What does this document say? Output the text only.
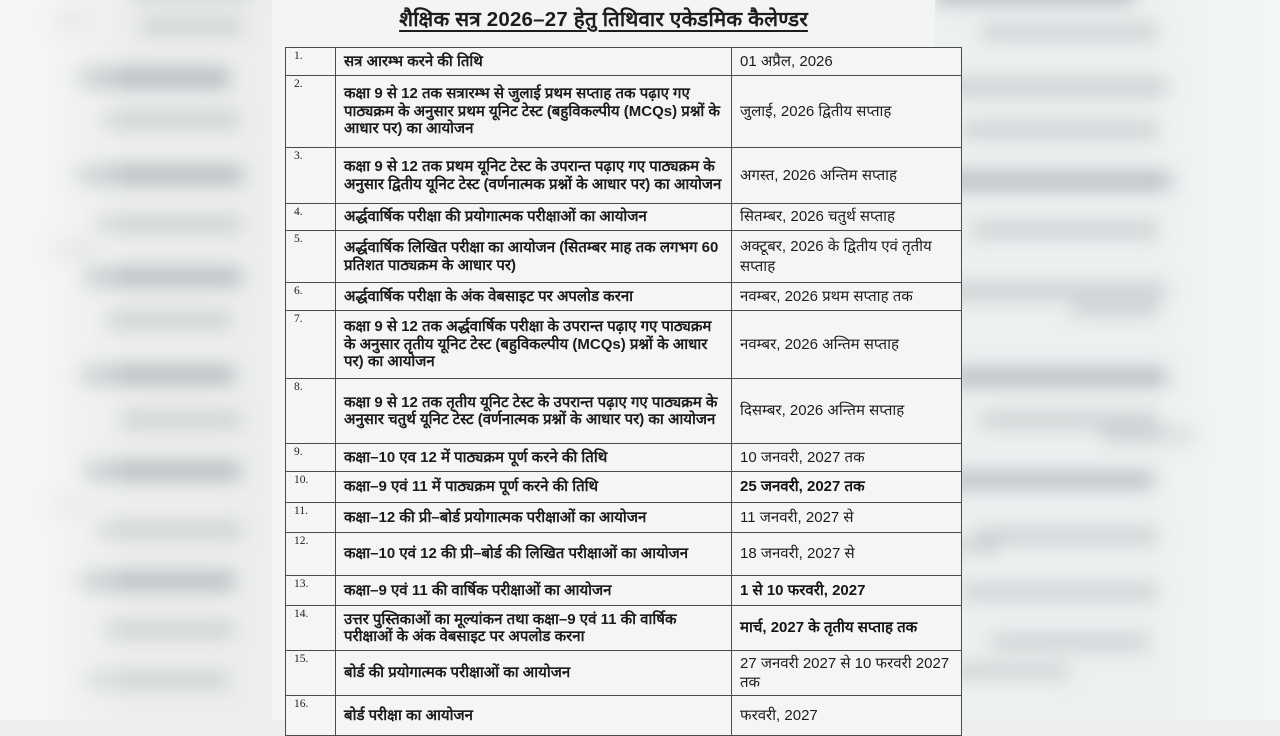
शैक्षिक सत्र 2026–27 हेतु तिथिवार एकेडमिक कैलेण्डर
1.	सत्र आरम्भ करने की तिथि	01 अप्रैल, 2026
2.	कक्षा 9 से 12 तक सत्रारम्भ से जुलाई प्रथम सप्ताह तक पढ़ाए गए पाठ्यक्रम के अनुसार प्रथम यूनिट टेस्ट (बहुविकल्पीय (MCQs) प्रश्नों के आधार पर) का आयोजन	जुलाई, 2026 द्वितीय सप्ताह
3.	कक्षा 9 से 12 तक प्रथम यूनिट टेस्ट के उपरान्त पढ़ाए गए पाठ्यक्रम के अनुसार द्वितीय यूनिट टेस्ट (वर्णनात्मक प्रश्नों के आधार पर) का आयोजन	अगस्त, 2026 अन्तिम सप्ताह
4.	अर्द्धवार्षिक परीक्षा की प्रयोगात्मक परीक्षाओं का आयोजन	सितम्बर, 2026 चतुर्थ सप्ताह
5.	अर्द्धवार्षिक लिखित परीक्षा का आयोजन (सितम्बर माह तक लगभग 60 प्रतिशत पाठ्यक्रम के आधार पर)	अक्टूबर, 2026 के द्वितीय एवं तृतीय सप्ताह
6.	अर्द्धवार्षिक परीक्षा के अंक वेबसाइट पर अपलोड करना	नवम्बर, 2026 प्रथम सप्ताह तक
7.	कक्षा 9 से 12 तक अर्द्धवार्षिक परीक्षा के उपरान्त पढ़ाए गए पाठ्यक्रम के अनुसार तृतीय यूनिट टेस्ट (बहुविकल्पीय (MCQs) प्रश्नों के आधार पर) का आयोजन	नवम्बर, 2026 अन्तिम सप्ताह
8.	कक्षा 9 से 12 तक तृतीय यूनिट टेस्ट के उपरान्त पढ़ाए गए पाठ्यक्रम के अनुसार चतुर्थ यूनिट टेस्ट (वर्णनात्मक प्रश्नों के आधार पर) का आयोजन	दिसम्बर, 2026 अन्तिम सप्ताह
9.	कक्षा–10 एव 12 में पाठ्यक्रम पूर्ण करने की तिथि	10 जनवरी, 2027 तक
10.	कक्षा–9 एवं 11 में पाठ्यक्रम पूर्ण करने की तिथि	25 जनवरी, 2027 तक
11.	कक्षा–12 की प्री–बोर्ड प्रयोगात्मक परीक्षाओं का आयोजन	11 जनवरी, 2027 से
12.	कक्षा–10 एवं 12 की प्री–बोर्ड की लिखित परीक्षाओं का आयोजन	18 जनवरी, 2027 से
13.	कक्षा–9 एवं 11 की वार्षिक परीक्षाओं का आयोजन	1 से 10 फरवरी, 2027
14.	उत्तर पुस्तिकाओं का मूल्यांकन तथा कक्षा–9 एवं 11 की वार्षिक परीक्षाओं के अंक वेबसाइट पर अपलोड करना	मार्च, 2027 के तृतीय सप्ताह तक
15.	बोर्ड की प्रयोगात्मक परीक्षाओं का आयोजन	27 जनवरी 2027 से 10 फरवरी 2027 तक
16.	बोर्ड परीक्षा का आयोजन	फरवरी, 2027
